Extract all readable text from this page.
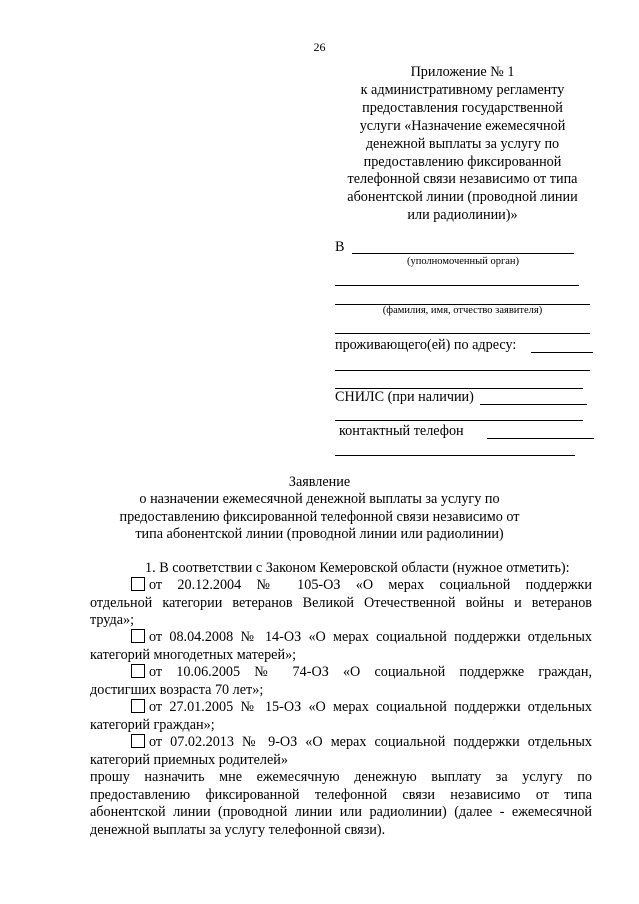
26
Приложение № 1
к административному регламенту
предоставления государственной
услуги «Назначение ежемесячной
денежной выплаты за услугу по
предоставлению фиксированной
телефонной связи независимо от типа
абонентской линии (проводной линии
или радиолинии)»
В
(уполномоченный орган)
(фамилия, имя, отчество заявителя)
проживающего(ей) по адресу:
СНИЛС (при наличии)
контактный телефон
Заявление
о назначении ежемесячной денежной выплаты за услугу по
предоставлению фиксированной телефонной связи независимо от
типа абонентской линии (проводной линии или радиолинии)
1. В соответствии с Законом Кемеровской области (нужное отметить):
от 20.12.2004 № 105-ОЗ «О мерах социальной поддержки
отдельной категории ветеранов Великой Отечественной войны и ветеранов
труда»;
от 08.04.2008 № 14-ОЗ «О мерах социальной поддержки отдельных
категорий многодетных матерей»;
от 10.06.2005 № 74-ОЗ «О социальной поддержке граждан,
достигших возраста 70 лет»;
от 27.01.2005 № 15-ОЗ «О мерах социальной поддержки отдельных
категорий граждан»;
от 07.02.2013 № 9-ОЗ «О мерах социальной поддержки отдельных
категорий приемных родителей»
прошу назначить мне ежемесячную денежную выплату за услугу по
предоставлению фиксированной телефонной связи независимо от типа
абонентской линии (проводной линии или радиолинии) (далее - ежемесячной
денежной выплаты за услугу телефонной связи).
